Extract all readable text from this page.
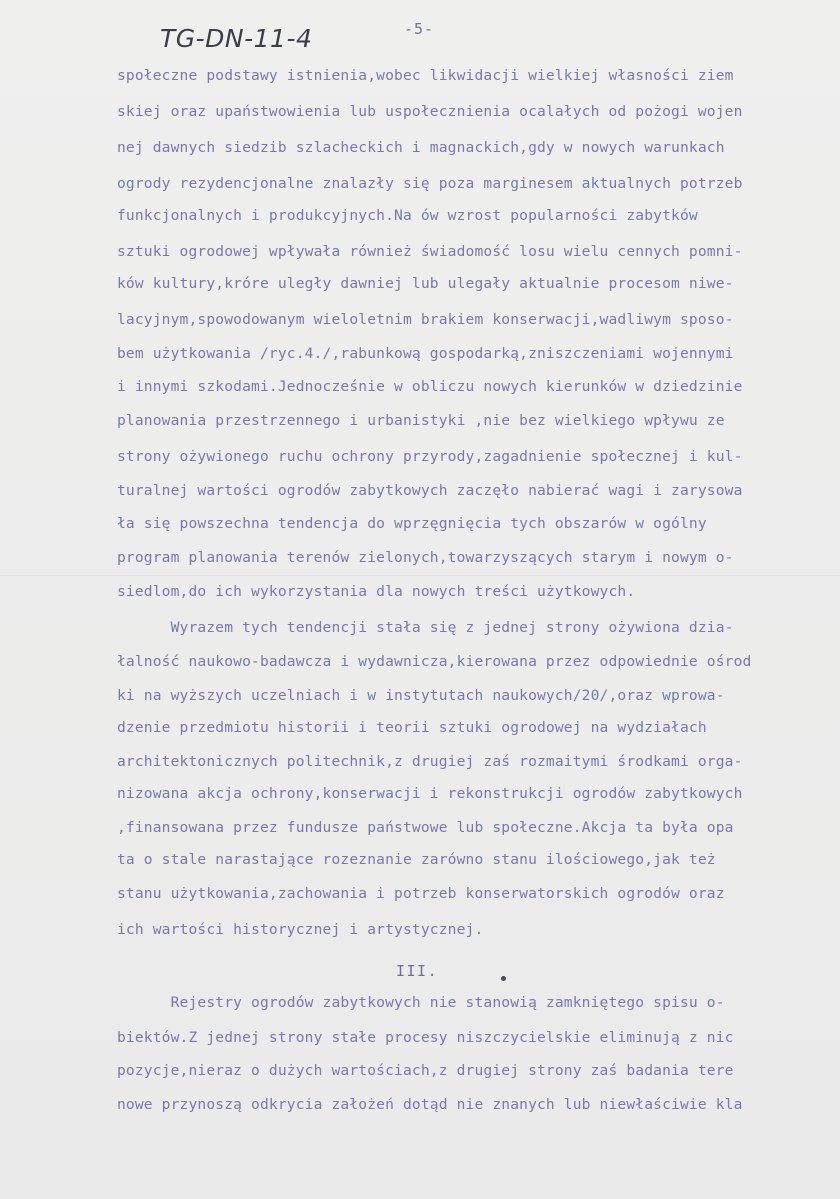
TG-DN-11-4	-5-
społeczne podstawy istnienia,wobec likwidacji wielkiej własności ziem
skiej oraz upaństwowienia lub uspołecznienia ocalałych od pożogi wojen
nej dawnych siedzib szlacheckich i magnackich,gdy w nowych warunkach
ogrody rezydencjonalne znalazły się poza marginesem aktualnych potrzeb
funkcjonalnych i produkcyjnych.Na ów wzrost popularności zabytków
sztuki ogrodowej wpływała również świadomość losu wielu cennych pomni-
ków kultury,króre uległy dawniej lub ulegały aktualnie procesom niwe-
lacyjnym,spowodowanym wieloletnim brakiem konserwacji,wadliwym sposo-
bem użytkowania /ryc.4./,rabunkową gospodarką,zniszczeniami wojennymi
i innymi szkodami.Jednocześnie w obliczu nowych kierunków w dziedzinie
planowania przestrzennego i urbanistyki ,nie bez wielkiego wpływu ze
strony ożywionego ruchu ochrony przyrody,zagadnienie społecznej i kul-
turalnej wartości ogrodów zabytkowych zaczęło nabierać wagi i zarysowa
ła się powszechna tendencja do wprzęgnięcia tych obszarów w ogólny
program planowania terenów zielonych,towarzyszących starym i nowym o-
siedlom,do ich wykorzystania dla nowych treści użytkowych.
Wyrazem tych tendencji stała się z jednej strony ożywiona dzia-
łalność naukowo-badawcza i wydawnicza,kierowana przez odpowiednie ośrod
ki na wyższych uczelniach i w instytutach naukowych/20/,oraz wprowa-
dzenie przedmiotu historii i teorii sztuki ogrodowej na wydziałach
architektonicznych politechnik,z drugiej zaś rozmaitymi środkami orga-
nizowana akcja ochrony,konserwacji i rekonstrukcji ogrodów zabytkowych
,finansowana przez fundusze państwowe lub społeczne.Akcja ta była opa
ta o stale narastające rozeznanie zarówno stanu ilościowego,jak też
stanu użytkowania,zachowania i potrzeb konserwatorskich ogrodów oraz
ich wartości historycznej i artystycznej.
Rejestry ogrodów zabytkowych nie stanowią zamkniętego spisu o-
biektów.Z jednej strony stałe procesy niszczycielskie eliminują z nic
pozycje,nieraz o dużych wartościach,z drugiej strony zaś badania tere
nowe przynoszą odkrycia założeń dotąd nie znanych lub niewłaściwie kla
III.
